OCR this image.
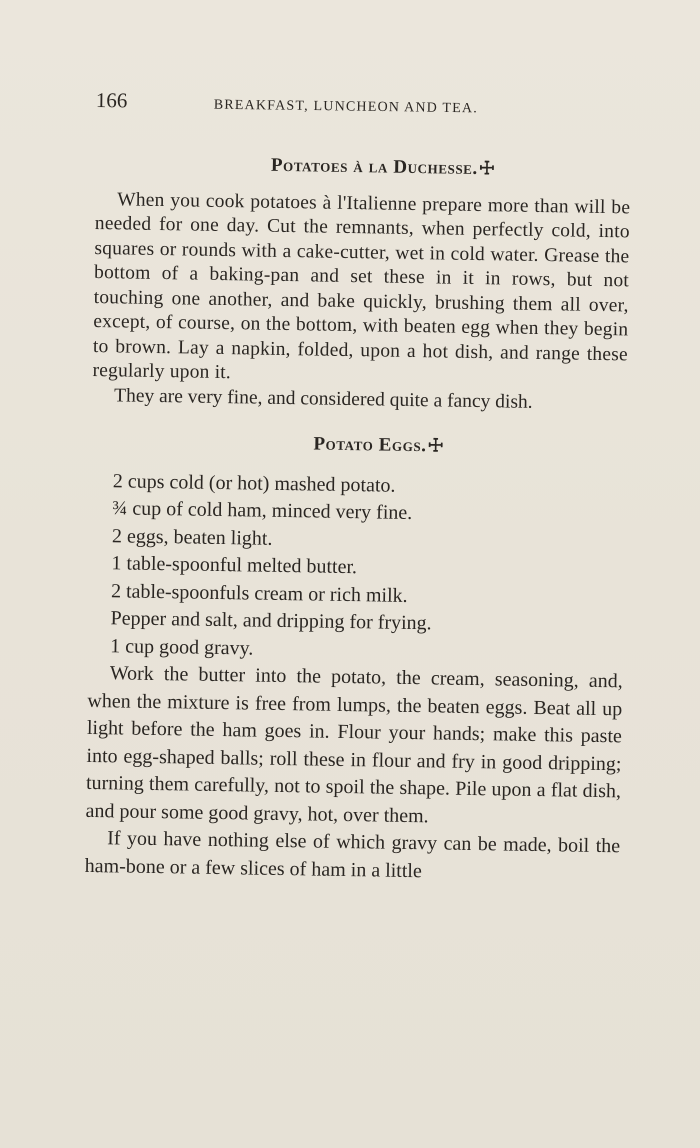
166	BREAKFAST, LUNCHEON AND TEA.
Potatoes à la Duchesse.☩

When you cook potatoes à l'Italienne prepare more than will be needed for one day. Cut the remnants, when perfectly cold, into squares or rounds with a cake-cutter, wet in cold water. Grease the bottom of a baking-pan and set these in it in rows, but not touching one another, and bake quickly, brushing them all over, except, of course, on the bottom, with beaten egg when they begin to brown. Lay a napkin, folded, upon a hot dish, and range these regularly upon it.

They are very fine, and considered quite a fancy dish.

Potato Eggs.☩
2 cups cold (or hot) mashed potato.
¾ cup of cold ham, minced very fine.
2 eggs, beaten light.
1 table-spoonful melted butter.
2 table-spoonfuls cream or rich milk.
Pepper and salt, and dripping for frying.
1 cup good gravy.

Work the butter into the potato, the cream, seasoning, and, when the mixture is free from lumps, the beaten eggs. Beat all up light before the ham goes in. Flour your hands; make this paste into egg-shaped balls; roll these in flour and fry in good dripping; turning them carefully, not to spoil the shape. Pile upon a flat dish, and pour some good gravy, hot, over them.

If you have nothing else of which gravy can be made, boil the ham-bone or a few slices of ham in a little
